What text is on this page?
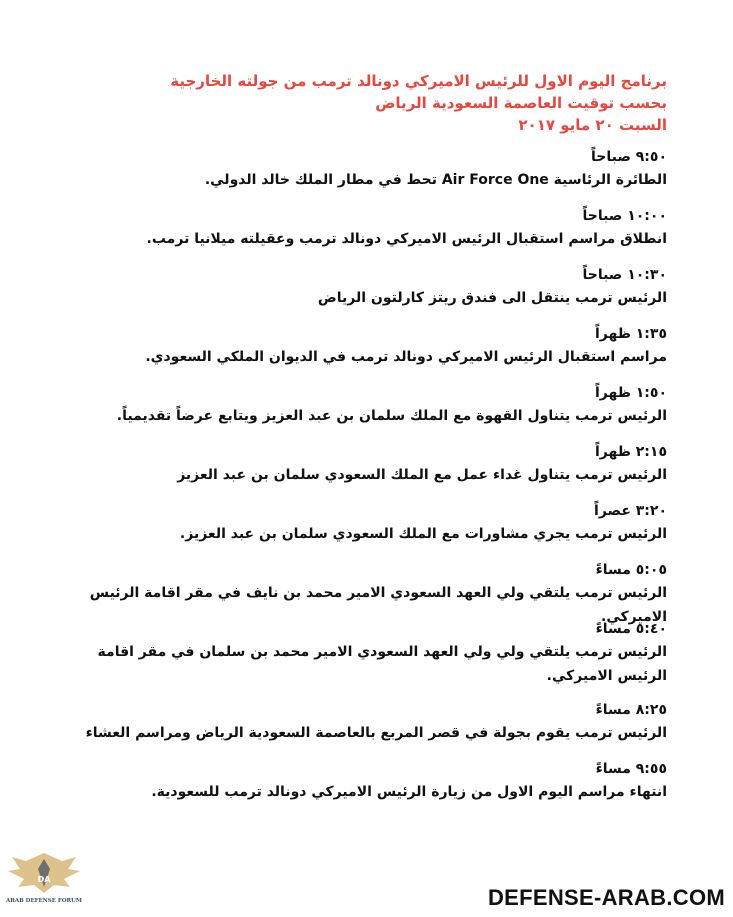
برنامج اليوم الاول للرئيس الاميركي دونالد ترمب من جولته الخارجية
بحسب توقيت العاصمة السعودية الرياض
السبت ٢٠ مايو ٢٠١٧
٩:٥٠ صباحاً
الطائرة الرئاسية Air Force One تحط في مطار الملك خالد الدولي.
١٠:٠٠ صباحاً
انطلاق مراسم استقبال الرئيس الاميركي دونالد ترمب وعقيلته ميلانيا ترمب.
١٠:٣٠ صباحاً
الرئيس ترمب ينتقل الى فندق ريتز كارلتون الرياض
١:٣٥ ظهراً
مراسم استقبال الرئيس الاميركي دونالد ترمب في الديوان الملكي السعودي.
١:٥٠ ظهراً
الرئيس ترمب يتناول القهوة مع الملك سلمان بن عبد العزيز ويتابع عرضاً تقديمياً.
٢:١٥ ظهراً
الرئيس ترمب يتناول غداء عمل مع الملك السعودي سلمان بن عبد العزيز
٣:٢٠ عصراً
الرئيس ترمب يجري مشاورات مع الملك السعودي سلمان بن عبد العزيز.
٥:٠٥ مساءً
الرئيس ترمب يلتقي ولي العهد السعودي الامير محمد بن نايف في مقر اقامة الرئيس الاميركي.
٥:٤٠ مساءً
الرئيس ترمب يلتقي ولي ولي العهد السعودي الامير محمد بن سلمان في مقر اقامة الرئيس الاميركي.
٨:٢٥ مساءً
الرئيس ترمب يقوم بجولة في قصر المربع بالعاصمة السعودية الرياض ومراسم العشاء
٩:٥٥ مساءً
انتهاء مراسم اليوم الاول من زيارة الرئيس الاميركي دونالد ترمب للسعودية.
DA
ARAB DEFENSE FORUM	DEFENSE-ARAB.COM
